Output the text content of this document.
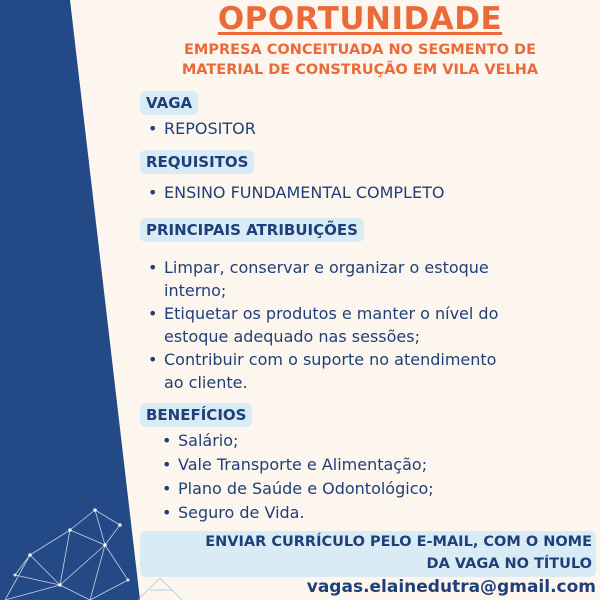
OPORTUNIDADE
EMPRESA CONCEITUADA NO SEGMENTO DE
MATERIAL DE CONSTRUÇÃO EM VILA VELHA
VAGA
• REPOSITOR
REQUISITOS
• ENSINO FUNDAMENTAL COMPLETO
PRINCIPAIS ATRIBUIÇÕES
• Limpar, conservar e organizar o estoque
interno;
• Etiquetar os produtos e manter o nível do
estoque adequado nas sessões;
• Contribuir com o suporte no atendimento
ao cliente.
BENEFÍCIOS
• Salário;
• Vale Transporte e Alimentação;
• Plano de Saúde e Odontológico;
• Seguro de Vida.
ENVIAR CURRÍCULO PELO E-MAIL, COM O NOME
DA VAGA NO TÍTULO
vagas.elainedutra@gmail.com
